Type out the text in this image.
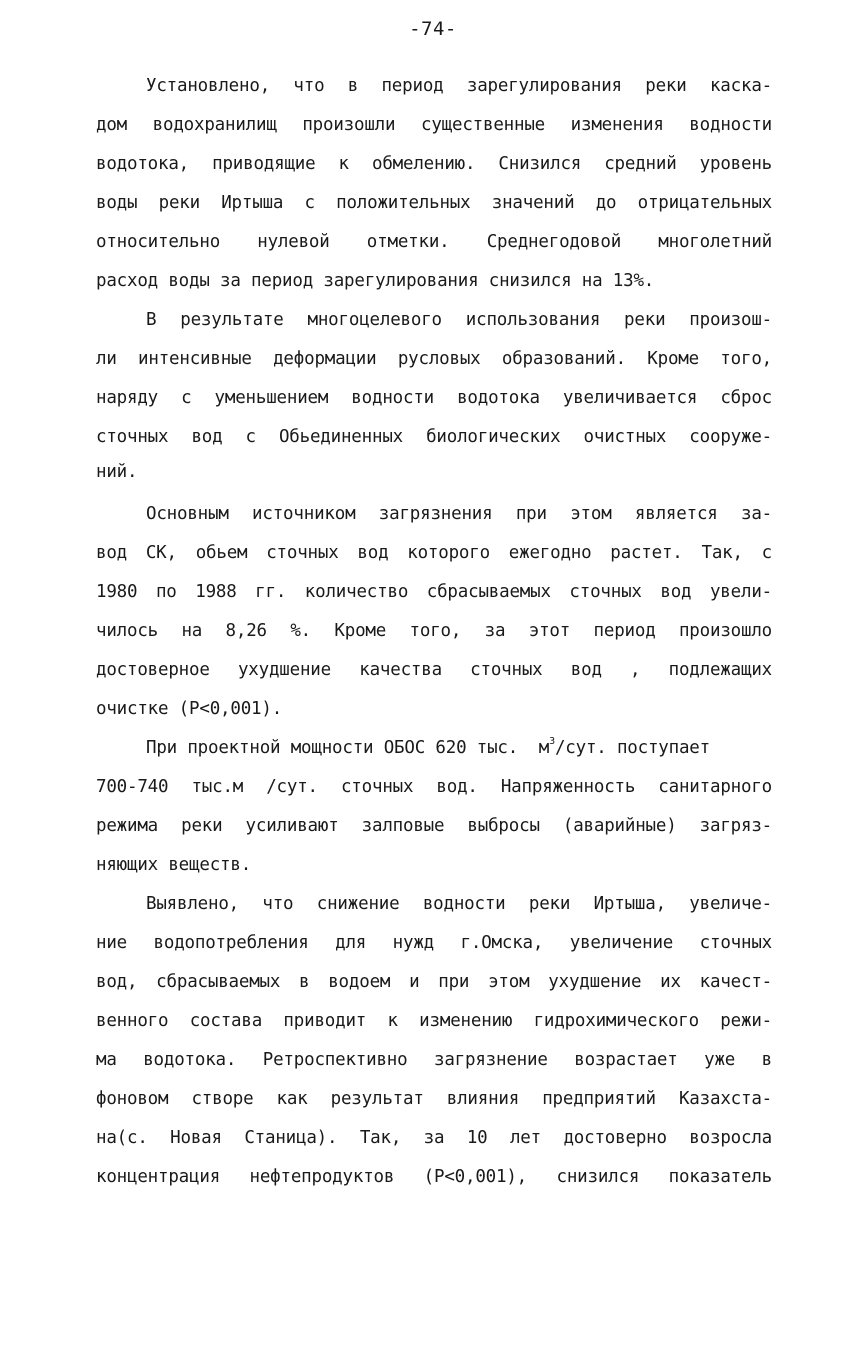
-74-
Установлено, что в период зарегулирования реки каска-
дом водохранилищ произошли существенные изменения водности
водотока, приводящие к обмелению. Снизился средний уровень
воды реки Иртыша с положительных значений до отрицательных
относительно нулевой отметки. Среднегодовой многолетний
расход воды за период зарегулирования снизился на 13%.
В результате многоцелевого использования реки произош-
ли интенсивные деформации русловых образований. Кроме того,
наряду с уменьшением водности водотока увеличивается сброс
сточных вод с Обьединенных биологических очистных сооруже-
ний.
Основным источником загрязнения при этом является за-
вод СК, обьем сточных вод которого ежегодно растет. Так, с
1980 по 1988 гг. количество сбрасываемых сточных вод увели-
чилось на 8,26 %. Кроме того, за этот период произошло
достоверное ухудшение качества сточных вод , подлежащих
очистке (Р<0,001).
При проектной мощности ОБОС 620 тыс. $м^3$/сут. поступает
700-740 тыс.м /сут. сточных вод. Напряженность санитарного
режима реки усиливают залповые выбросы (аварийные) загряз-
няющих веществ.
Выявлено, что снижение водности реки Иртыша, увеличе-
ние водопотребления для нужд г.Омска, увеличение сточных
вод, сбрасываемых в водоем и при этом ухудшение их качест-
венного состава приводит к изменению гидрохимического режи-
ма водотока. Ретроспективно загрязнение возрастает уже в
фоновом створе как результат влияния предприятий Казахста-
на(с. Новая Станица). Так, за 10 лет достоверно возросла
концентрация нефтепродуктов (Р<0,001), снизился показатель
